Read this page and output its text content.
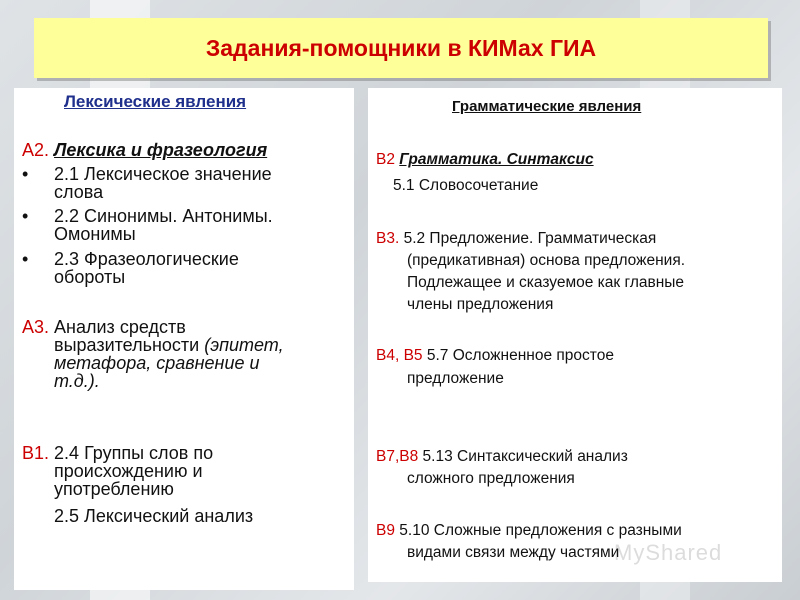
Задания-помощники в КИМах ГИА
Лексические явления
А2. Лексика и фразеология
• 2.1 Лексическое значение
слова
• 2.2 Синонимы. Антонимы.
Омонимы
• 2.3 Фразеологические
обороты
А3. Анализ средств
выразительности (эпитет,
метафора, сравнение и
т.д.).
В1. 2.4 Группы слов по
происхождению и
употреблению
2.5 Лексический анализ
Грамматические явления
В2 Грамматика. Синтаксис
5.1 Словосочетание
В3. 5.2 Предложение. Грамматическая
(предикативная) основа предложения.
Подлежащее и сказуемое как главные
члены предложения
В4, В5 5.7 Осложненное простое
предложение
В7,В8 5.13 Синтаксический анализ
сложного предложения
В9 5.10 Сложные предложения с разными
видами связи между частями
MyShared
